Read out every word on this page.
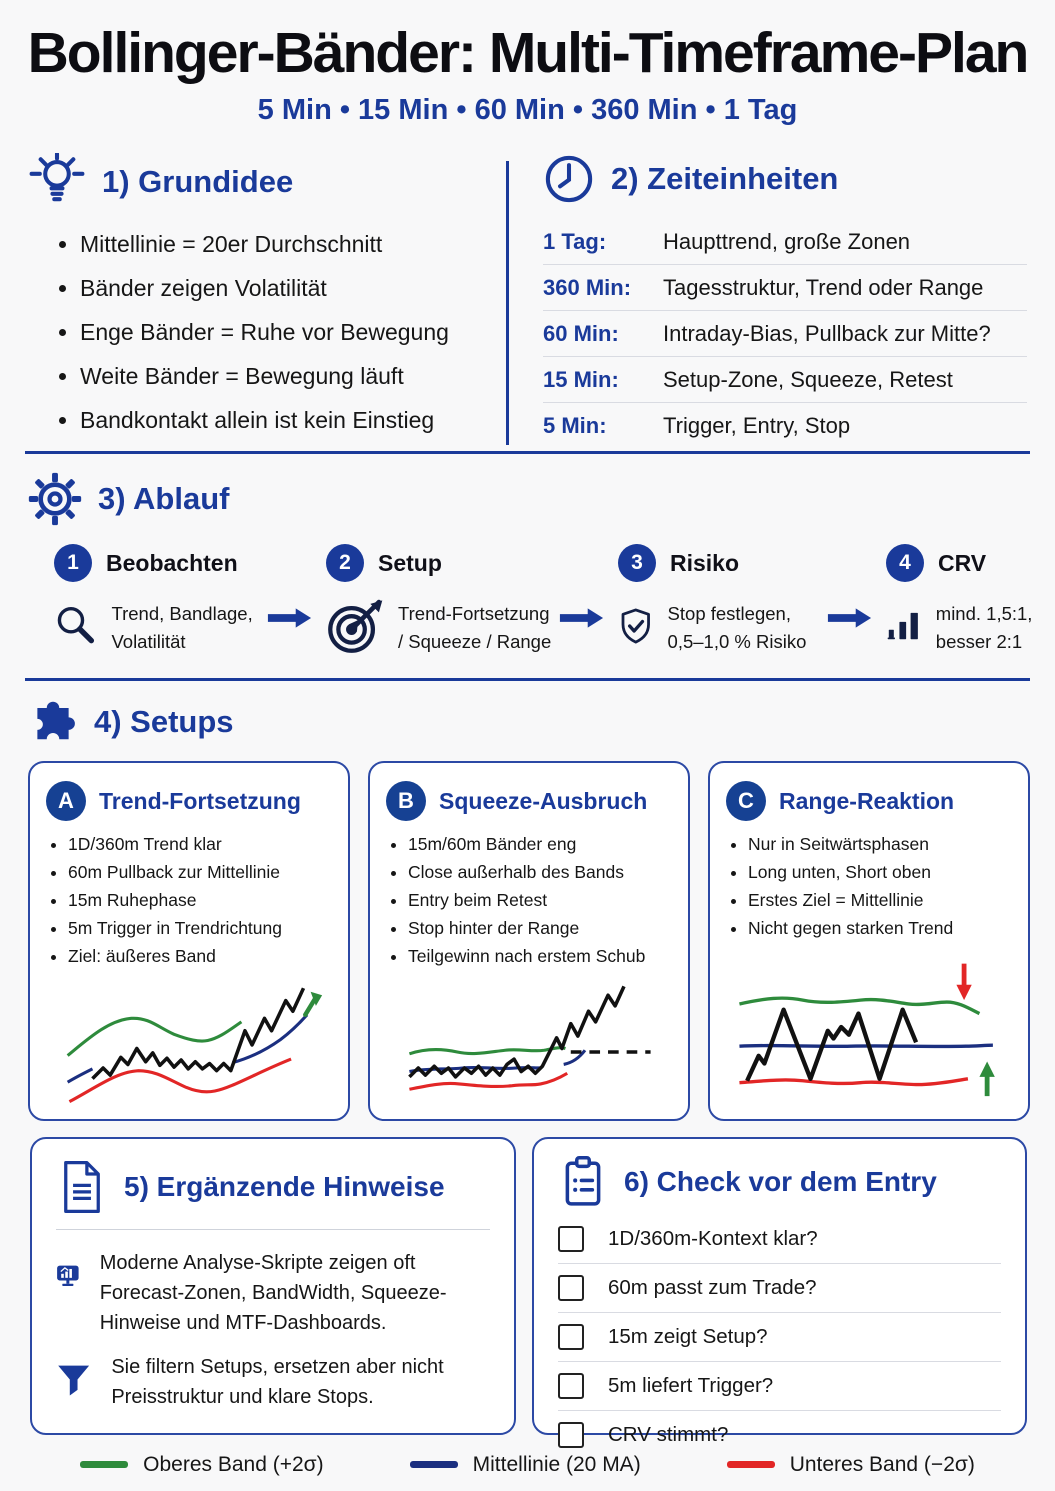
Bollinger-Bänder: Multi-Timeframe-Plan
5 Min • 15 Min • 60 Min • 360 Min • 1 Tag
1) Grundidee
• Mittellinie = 20er Durchschnitt
• Bänder zeigen Volatilität
• Enge Bänder = Ruhe vor Bewegung
• Weite Bänder = Bewegung läuft
• Bandkontakt allein ist kein Einstieg
2) Zeiteinheiten
1 Tag:	Haupttrend, große Zonen
360 Min:	Tagesstruktur, Trend oder Range
60 Min:	Intraday-Bias, Pullback zur Mitte?
15 Min:	Setup-Zone, Squeeze, Retest
5 Min:	Trigger, Entry, Stop
3) Ablauf
1	Beobachten
Trend, Bandlage, Volatilität
2	Setup
Trend-Fortsetzung / Squeeze / Range
3	Risiko
Stop festlegen, 0,5–1,0 % Risiko
4	CRV
mind. 1,5:1, besser 2:1
4) Setups
A	Trend-Fortsetzung
• 1D/360m Trend klar
• 60m Pullback zur Mittellinie
• 15m Ruhephase
• 5m Trigger in Trendrichtung
• Ziel: äußeres Band
B	Squeeze-Ausbruch
• 15m/60m Bänder eng
• Close außerhalb des Bands
• Entry beim Retest
• Stop hinter der Range
• Teilgewinn nach erstem Schub
C	Range-Reaktion
• Nur in Seitwärtsphasen
• Long unten, Short oben
• Erstes Ziel = Mittellinie
• Nicht gegen starken Trend
5) Ergänzende Hinweise
Moderne Analyse-Skripte zeigen oft Forecast-Zonen, BandWidth, Squeeze-Hinweise und MTF-Dashboards.
Sie filtern Setups, ersetzen aber nicht Preisstruktur und klare Stops.
6) Check vor dem Entry
1D/360m-Kontext klar?
60m passt zum Trade?
15m zeigt Setup?
5m liefert Trigger?
CRV stimmt?
Oberes Band (+2σ)	Mittellinie (20 MA)	Unteres Band (−2σ)
